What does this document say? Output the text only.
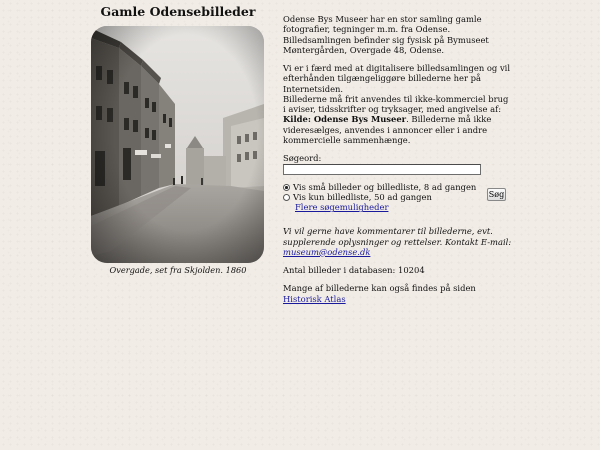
Gamle Odensebilleder
Overgade, set fra Skjolden. 1860

Odense Bys Museer har en stor samling gamle fotografier, tegninger m.m. fra Odense. Billedsamlingen befinder sig fysisk på Bymuseet Møntergården, Overgade 48, Odense.

Vi er i færd med at digitalisere billedsamlingen og vil efterhånden tilgængeliggøre billederne her på Internetsiden.

Billederne må frit anvendes til ikke-kommerciel brug i aviser, tidsskrifter og tryksager, med angivelse af: Kilde: Odense Bys Museer. Billederne må ikke videresælges, anvendes i annoncer eller i andre kommercielle sammenhænge.

Søgeord:

Vis små billeder og billedliste, 8 ad gangen
Vis kun billedliste, 50 ad gangen
Flere søgemuligheder
Søg

Vi vil gerne have kommentarer til billederne, evt. supplerende oplysninger og rettelser. Kontakt E-mail: museum@odense.dk

Antal billeder i databasen: 10204

Mange af billederne kan også findes på siden

Historisk Atlas
